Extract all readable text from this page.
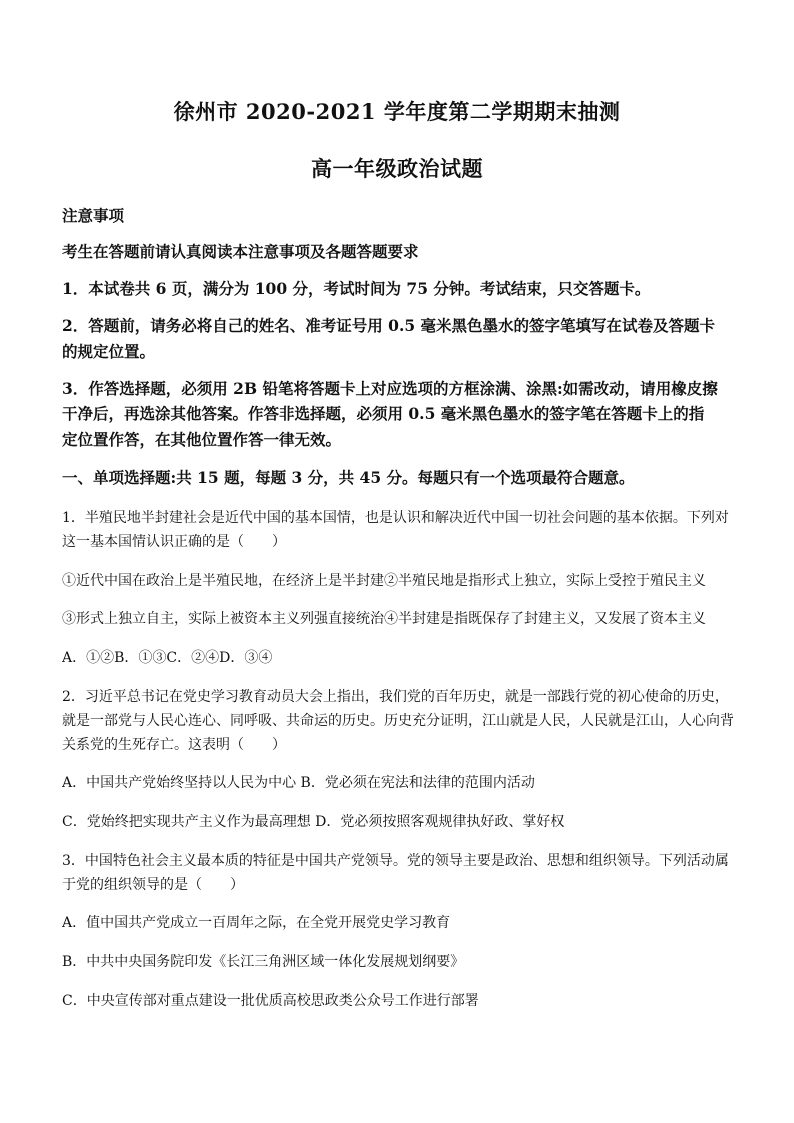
徐州市 2020-2021 学年度第二学期期末抽测
高一年级政治试题
注意事项
考生在答题前请认真阅读本注意事项及各题答题要求
1．本试卷共 6 页，满分为 100 分，考试时间为 75 分钟。考试结束，只交答题卡。
2．答题前，请务必将自己的姓名、准考证号用 0.5 毫米黑色墨水的签字笔填写在试卷及答题卡
的规定位置。
3．作答选择题，必须用 2B 铅笔将答题卡上对应选项的方框涂满、涂黑:如需改动，请用橡皮擦
干净后，再选涂其他答案。作答非选择题，必须用 0.5 毫米黑色墨水的签字笔在答题卡上的指
定位置作答，在其他位置作答一律无效。
一、单项选择题:共 15 题，每题 3 分，共 45 分。每题只有一个选项最符合题意。
1．半殖民地半封建社会是近代中国的基本国情，也是认识和解决近代中国一切社会问题的基本依据。下列对
这一基本国情认识正确的是（　　）
①近代中国在政治上是半殖民地，在经济上是半封建②半殖民地是指形式上独立，实际上受控于殖民主义
③形式上独立自主，实际上被资本主义列强直接统治④半封建是指既保存了封建主义，又发展了资本主义
A．①②B．①③C．②④D．③④
2．习近平总书记在党史学习教育动员大会上指出，我们党的百年历史，就是一部践行党的初心使命的历史，
就是一部党与人民心连心、同呼吸、共命运的历史。历史充分证明，江山就是人民，人民就是江山，人心向背
关系党的生死存亡。这表明（　　）
A．中国共产党始终坚持以人民为中心 B．党必须在宪法和法律的范围内活动
C．党始终把实现共产主义作为最高理想 D．党必须按照客观规律执好政、掌好权
3．中国特色社会主义最本质的特征是中国共产党领导。党的领导主要是政治、思想和组织领导。下列活动属
于党的组织领导的是（　　）
A．值中国共产党成立一百周年之际，在全党开展党史学习教育
B．中共中央国务院印发《长江三角洲区域一体化发展规划纲要》
C．中央宣传部对重点建设一批优质高校思政类公众号工作进行部署
